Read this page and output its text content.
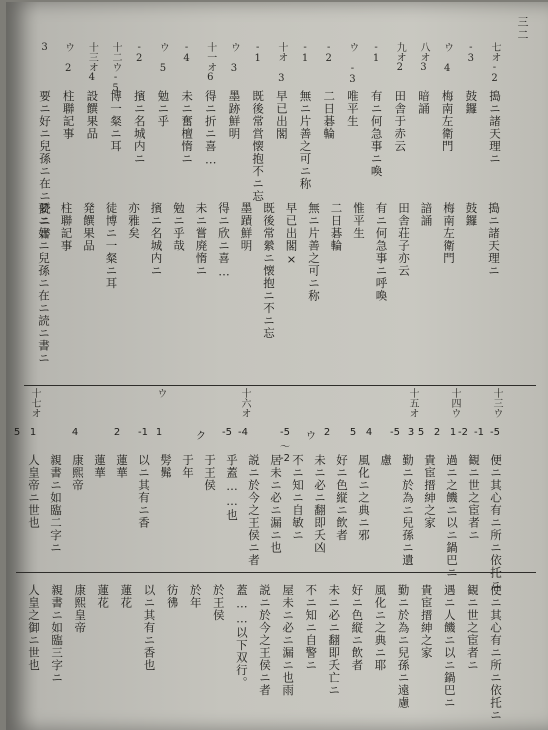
三二
七オ-2
搗ニ諸天理ニ
-3
鼓鑼
ウ 4
梅南左衛門
八オ3
暗誦
九オ2
田舎于赤云
-1
有ニ何急事ニ喚
ウ -3
唯平生
-2
二日碁輪
-1
無ニ片善之可ニ称
十オ 3
早已出閣
-1
既後常営懐抱不ニ忘
ウ 3
墨跡鮮明
十一オ6
得ニ折ニ喜…
-4
未ニ奮檀惰ニ
ウ 5
勉ニ乎
-2
擯ニ名城内ニ
十二ウ-5
博一粲ニ耳
十三オ4
設饌果品
ウ 2
柱聯記事
3
要ニ好ニ兒孫ニ在ニ読ニ書	搗ニ諸天理ニ
鼓鑼
梅南左衛門
諳誦
田舎荘子亦云
有ニ何急事ニ呼喚
惟平生
二日碁輪
無ニ片善之可ニ称
早已出閣×
既後常縈ニ懐抱ニ不ニ忘
墨蹟鮮明
得ニ欣ニ喜…
未ニ嘗廃惰ニ
勉ニ乎哉
擯ニ名城内ニ
亦雅矣
徒博ニ一粲ニ耳
発饌果品
柱聯記事
要ニ好ニ兒孫ニ在ニ読ニ書ニ
十三ウ
-5
-1
-2
十四ウ
1
2
5
十五オ
3
-5
4
5
2
ウ
-5 〜 -2
十六オ
-4
-5
ク
ウ
1
-1
2
4
十七オ
1
5
便ニ其心有ニ所ニ依托ニ
観ニ世之宦者ニ
過ニ之饑ニ以ニ鍋巴ニ
貴宦搢紳之家
勤ニ於為ニ兒孫ニ遺
慮
風化ニ之典ニ邪
好ニ色縦ニ飲者
未ニ必ニ翻即夭凶
不ニ知ニ自敏ニ
居未ニ必ニ漏ニ也
説ニ於今之王侯ニ者
乎蓋……也
于王侯
于年
髣髴
以ニ其有ニ香
蓮華
蓮華
康熙帝
親書ニ如臨二字ニ
人皇帝ニ世也
使ニ其心有ニ所ニ依托ニ
観ニ世之宦者ニ
遇ニ人饑ニ以ニ鍋巴ニ
貴宦搢紳之家
勤ニ於為ニ兒孫ニ遠慮
風化ニ之典ニ耶
好ニ色縦ニ飲者
未ニ必ニ翻即夭亡ニ
不ニ知ニ自警ニ
屋未ニ必ニ漏ニ也雨
説ニ於今之王侯ニ者
蓋……以下双行。
於王侯
於年
彷彿
以ニ其有ニ香也
蓮花
蓮花
康熙皇帝
親書ニ如臨三字ニ
人皇之御ニ世也
